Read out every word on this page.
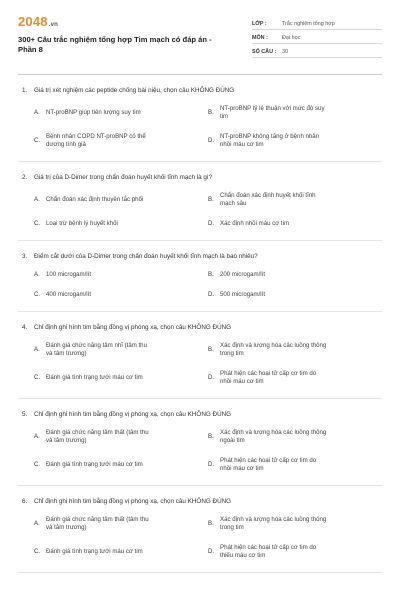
2048.vn
300+ Câu trắc nghiệm tổng hợp Tim mạch có đáp án - Phần 8
LỚP :	Trắc nghiệm tổng hợp
MÔN :	Đại học
SỐ CÂU :	30
1.	Giá trị xét nghiệm các peptide chống bài niệu, chọn câu KHÔNG ĐÚNG
A.	NT-proBNP giúp tiên lượng suy tim	B.
NT-proBNP tỷ lệ thuận với mức độ suy tim
C.
Bệnh nhân COPD NT-proBNP có thể dương tính giả
D.
NT-proBNP không tăng ở bệnh nhân nhồi máu cơ tim
2.	Giá trị của D-Dimer trong chẩn đoán huyết khối tĩnh mạch là gì?
A.	Chẩn đoán xác định thuyên tắc phổi	B.
Chẩn đoán xác định huyết khối tĩnh mạch sâu
C. Loại trừ bệnh lý huyết khối	D. Xác định nhồi máu cơ tim
3.	Điểm cắt dưới của D-Dimer trong chẩn đoán huyết khối tĩnh mạch là bao nhiêu?
A.	100 microgam/lít	B.	200 microgam/lít
C. 400 microgam/lít	D. 500 microgam/lít
4.	Chỉ định ghi hình tim bằng đồng vị phóng xạ, chọn câu KHÔNG ĐÚNG
A.
Đánh giá chức năng tâm nhĩ (tâm thu và tâm trương)
B.
Xác định và lượng hóa các luồng thông trong tim
C. Đánh giá tình trạng tưới máu cơ tim	D.
Phát hiện các hoại tử cấp cơ tim do nhồi máu cơ tim
5.	Chỉ định ghi hình tim bằng đồng vị phóng xạ, chọn câu KHÔNG ĐÚNG
A.
Đánh giá chức năng tâm thất (tâm thu và tâm trương)
B.
Xác định và lượng hóa các luồng thông ngoài tim
C. Đánh giá tình trạng tưới máu cơ tim	D.
Phát hiện các hoại tử cấp cơ tim do nhồi máu cơ tim
6.	Chỉ định ghi hình tim bằng đồng vị phóng xạ, chọn câu KHÔNG ĐÚNG
A.
Đánh giá chức năng tâm thất (tâm thu và tâm trương)
B.
Xác định và lượng hóa các luồng thông trong tim
C. Đánh giá tình trạng tưới máu cơ tim	D.
Phát hiện các hoại tử cấp cơ tim do thiếu máu cơ tim
